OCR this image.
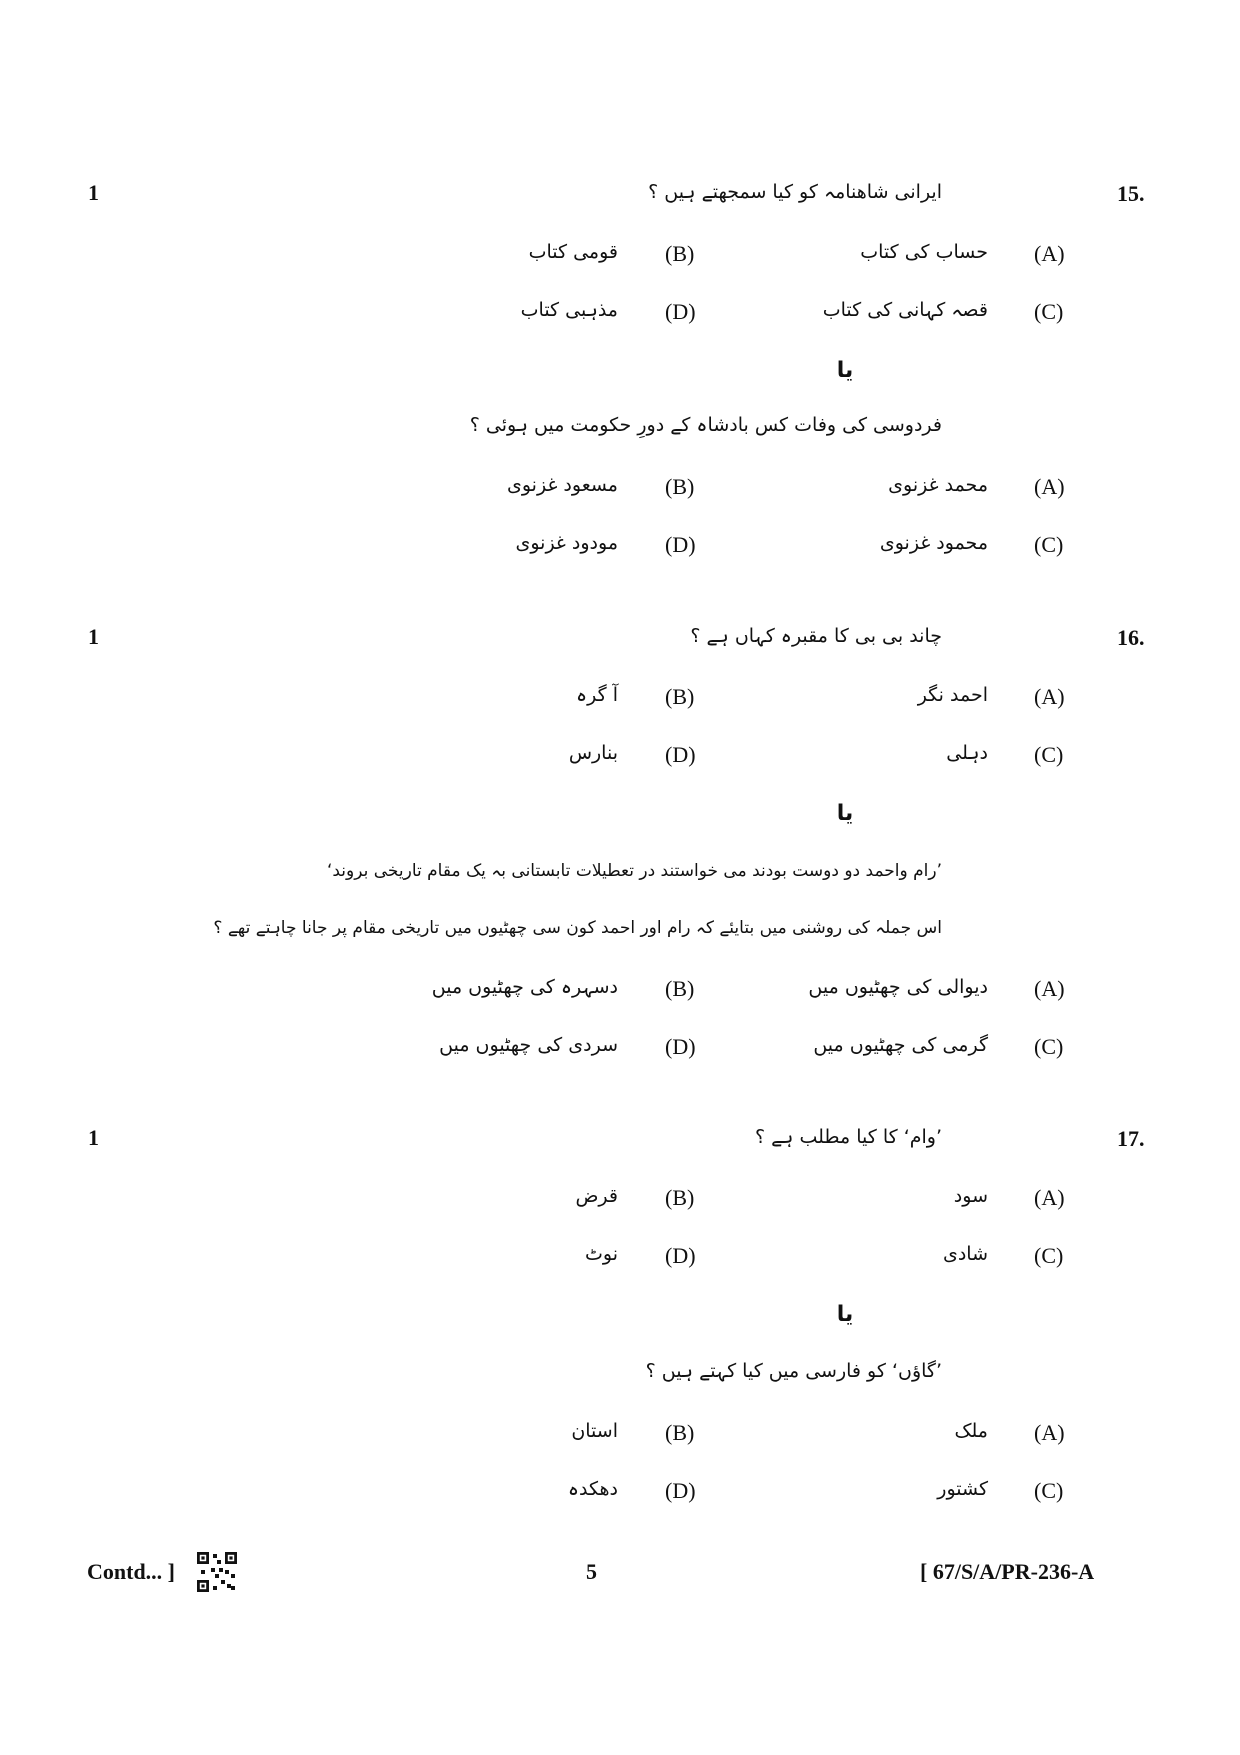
1	15.
ایرانی شاھنامہ کو کیا سمجھتے ہیں ؟
(A)
حساب کی کتاب
(B)
قومی کتاب
(C)
قصہ کہانی کی کتاب
(D)
مذہبی کتاب
یا
فردوسی کی وفات کس بادشاہ کے دورِ حکومت میں ہوئی ؟
(A)
محمد غزنوی
(B)
مسعود غزنوی
(C)
محمود غزنوی
(D)
مودود غزنوی
1	16.
چاند بی بی کا مقبرہ کہاں ہے ؟
(A)
احمد نگر
(B)
آ گرہ
(C)
دہلی
(D)
بنارس
یا
’رام واحمد دو دوست بودند می خواستند در تعطیلات تابستانی بہ یک مقام تاریخی بروند‘
اس جملہ کی روشنی میں بتایئے کہ رام اور احمد کون سی چھٹیوں میں تاریخی مقام پر جانا چاہتے تھے ؟
(A)
دیوالی کی چھٹیوں میں
(B)
دسہرہ کی چھٹیوں میں
(C)
گرمی کی چھٹیوں میں
(D)
سردی کی چھٹیوں میں
1	17.
’وام‘ کا کیا مطلب ہے ؟
(A)
سود
(B)
قرض
(C)
شادی
(D)
نوٹ
یا
’گاؤں‘ کو فارسی میں کیا کہتے ہیں ؟
(A)
ملک
(B)
استان
(C)
کشتور
(D)
دھکدہ
Contd... ]	5	[ 67/S/A/PR-236-A
